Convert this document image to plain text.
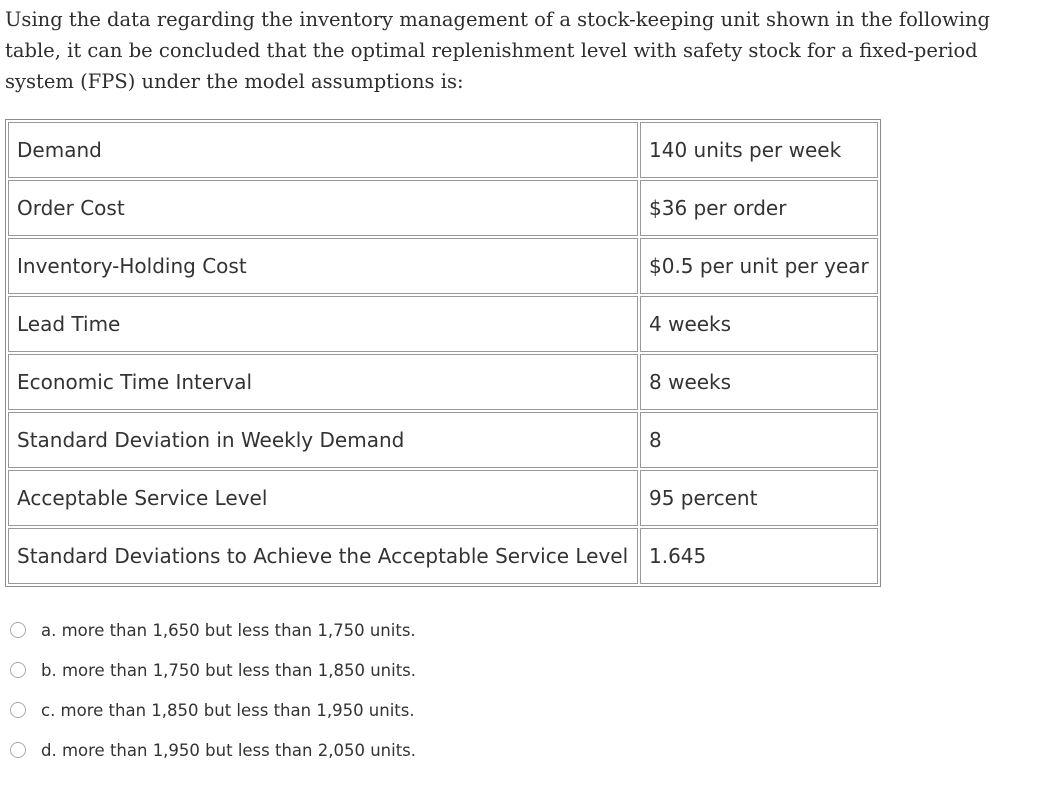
Using the data regarding the inventory management of a stock-keeping unit shown in the following table, it can be concluded that the optimal replenishment level with safety stock for a fixed-period system (FPS) under the model assumptions is:

Demand	140 units per week
Order Cost	$36 per order
Inventory-Holding Cost	$0.5 per unit per year
Lead Time	4 weeks
Economic Time Interval	8 weeks
Standard Deviation in Weekly Demand	8
Acceptable Service Level	95 percent
Standard Deviations to Achieve the Acceptable Service Level	1.645
a. more than 1,650 but less than 1,750 units.
b. more than 1,750 but less than 1,850 units.
c. more than 1,850 but less than 1,950 units.
d. more than 1,950 but less than 2,050 units.
